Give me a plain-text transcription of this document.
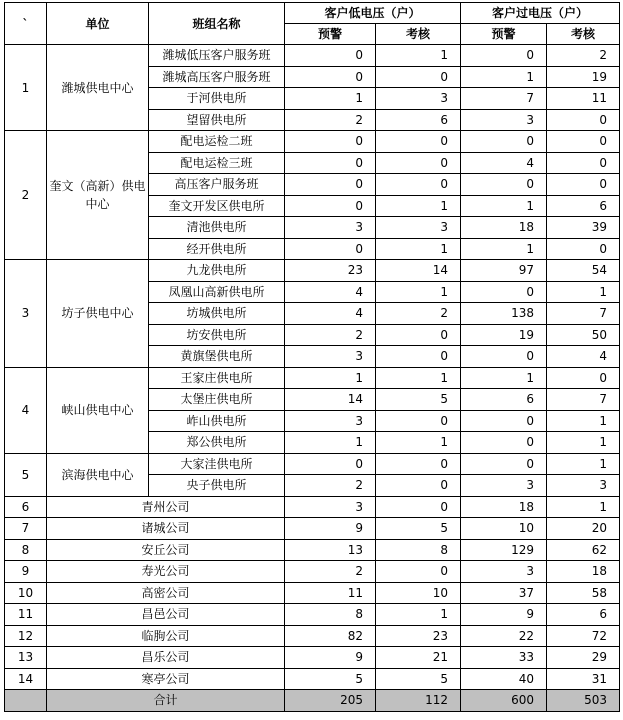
`	单位	班组名称	客户低电压（户）		客户过电压（户）	
			预警	考核	预警	考核
1	潍城供电中心	潍城低压客户服务班	0	1	0	2
		潍城高压客户服务班	0	0	1	19
		于河供电所	1	3	7	11
		望留供电所	2	6	3	0
2	奎文（高新）供电中心	配电运检二班	0	0	0	0
		配电运检三班	0	0	4	0
		高压客户服务班	0	0	0	0
		奎文开发区供电所	0	1	1	6
		清池供电所	3	3	18	39
		经开供电所	0	1	1	0
3	坊子供电中心	九龙供电所	23	14	97	54
		凤凰山高新供电所	4	1	0	1
		坊城供电所	4	2	138	7
		坊安供电所	2	0	19	50
		黄旗堡供电所	3	0	0	4
4	峡山供电中心	王家庄供电所	1	1	1	0
		太堡庄供电所	14	5	6	7
		岞山供电所	3	0	0	1
		郑公供电所	1	1	0	1
5	滨海供电中心	大家洼供电所	0	0	0	1
		央子供电所	2	0	3	3
6	青州公司		3	0	18	1
7	诸城公司		9	5	10	20
8	安丘公司		13	8	129	62
9	寿光公司		2	0	3	18
10	高密公司		11	10	37	58
11	昌邑公司		8	1	9	6
12	临朐公司		82	23	22	72
13	昌乐公司		9	21	33	29
14	寒亭公司		5	5	40	31
	合计		205	112	600	503
